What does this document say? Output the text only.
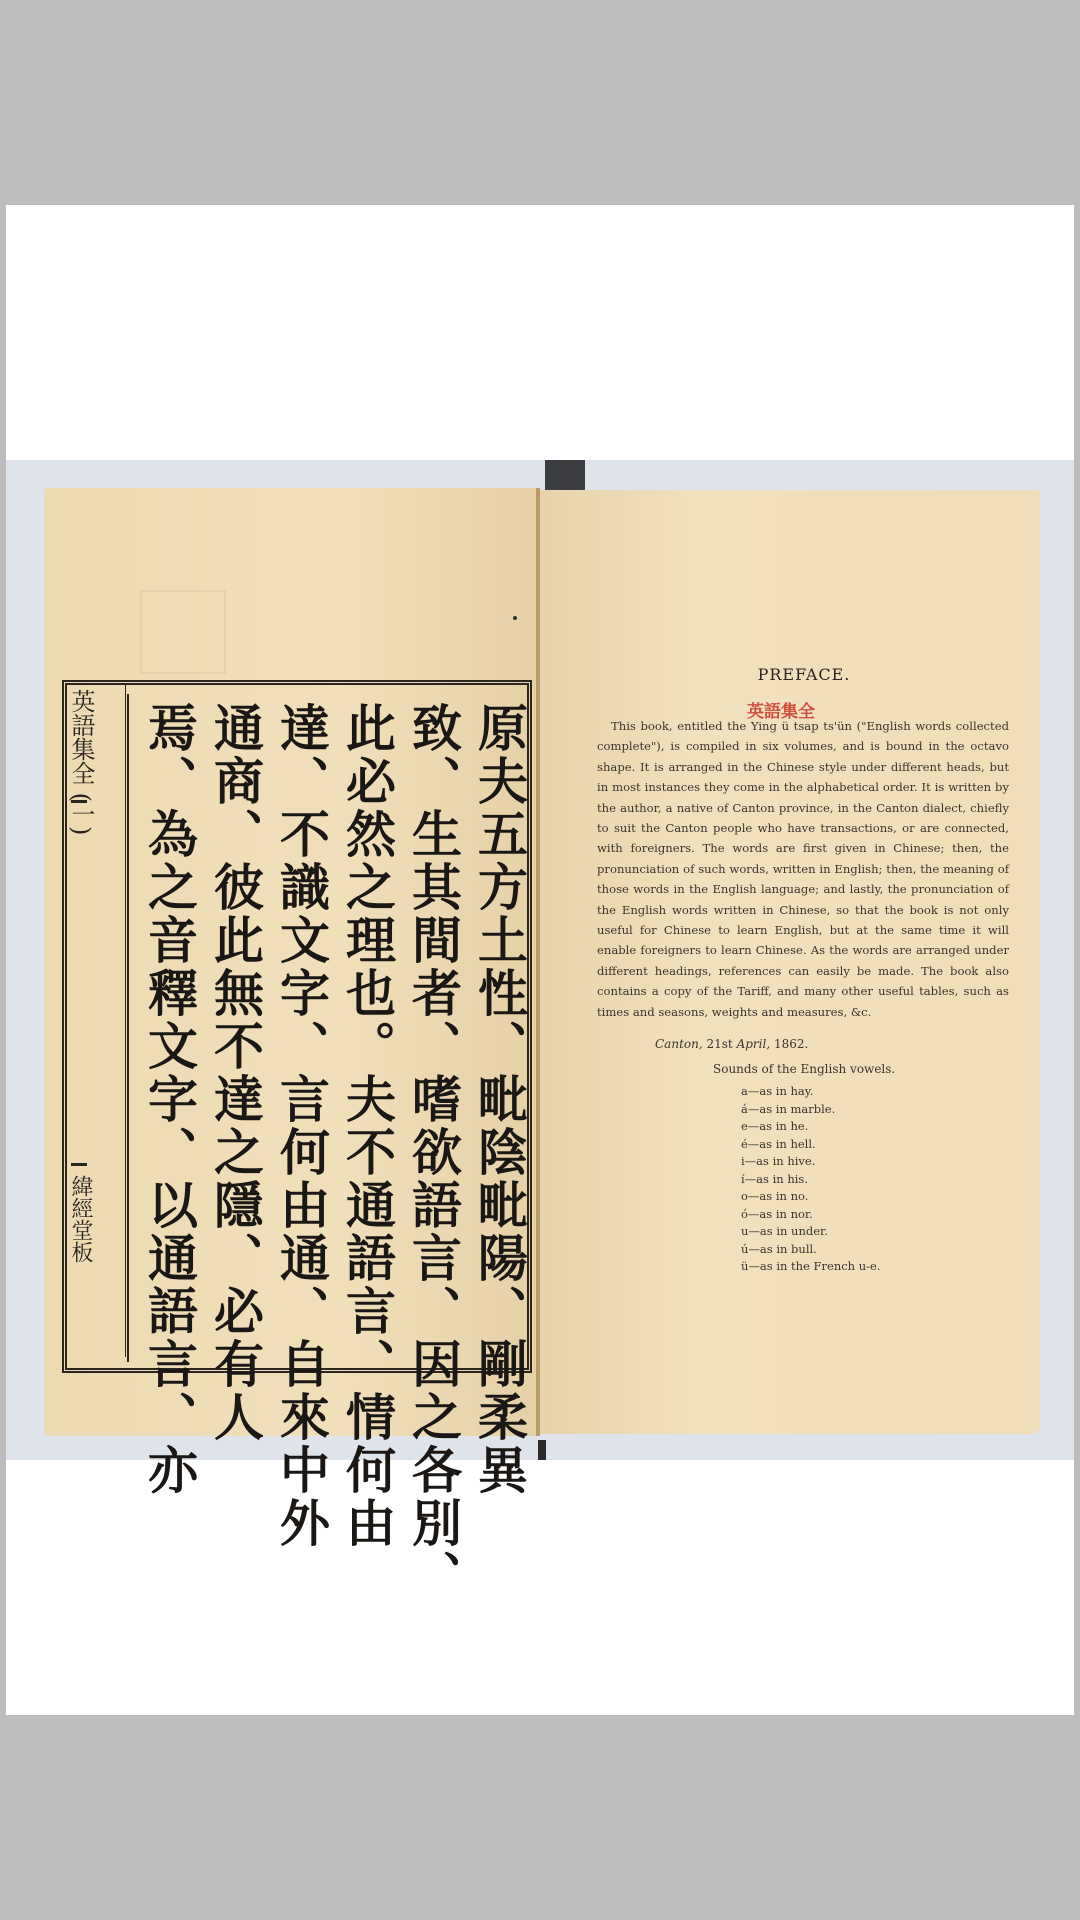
英語集全 (一)
緯經堂板	原夫五方土性、毗陰毗陽、剛柔異
致、生其間者、嗜欲語言、因之各別、
此必然之理也。夫不通語言、情何由
達、不識文字、言何由通、自來中外
通商、彼此無不達之隱、必有人
焉、為之音釋文字、以通語言、亦
PREFACE.
英語集全

This book, entitled the Ying ü tsap ts'ün ("English words collected complete"), is compiled in six volumes, and is bound in the octavo shape. It is arranged in the Chinese style under different heads, but in most instances they come in the alphabetical order. It is written by the author, a native of Canton province, in the Canton dialect, chiefly to suit the Canton people who have transactions, or are connected, with foreigners. The words are first given in Chinese; then, the pronunciation of such words, written in English; then, the meaning of those words in the English language; and lastly, the pronunciation of the English words written in Chinese, so that the book is not only useful for Chinese to learn English, but at the same time it will enable foreigners to learn Chinese. As the words are arranged under different headings, references can easily be made. The book also contains a copy of the Tariff, and many other useful tables, such as times and seasons, weights and measures, &c.

Canton, 21st April, 1862.
Sounds of the English vowels.
a—as in hay.
á—as in marble.
e—as in he.
é—as in hell.
i—as in hive.
í—as in his.
o—as in no.
ó—as in nor.
u—as in under.
ú—as in bull.
ü—as in the French u-e.
